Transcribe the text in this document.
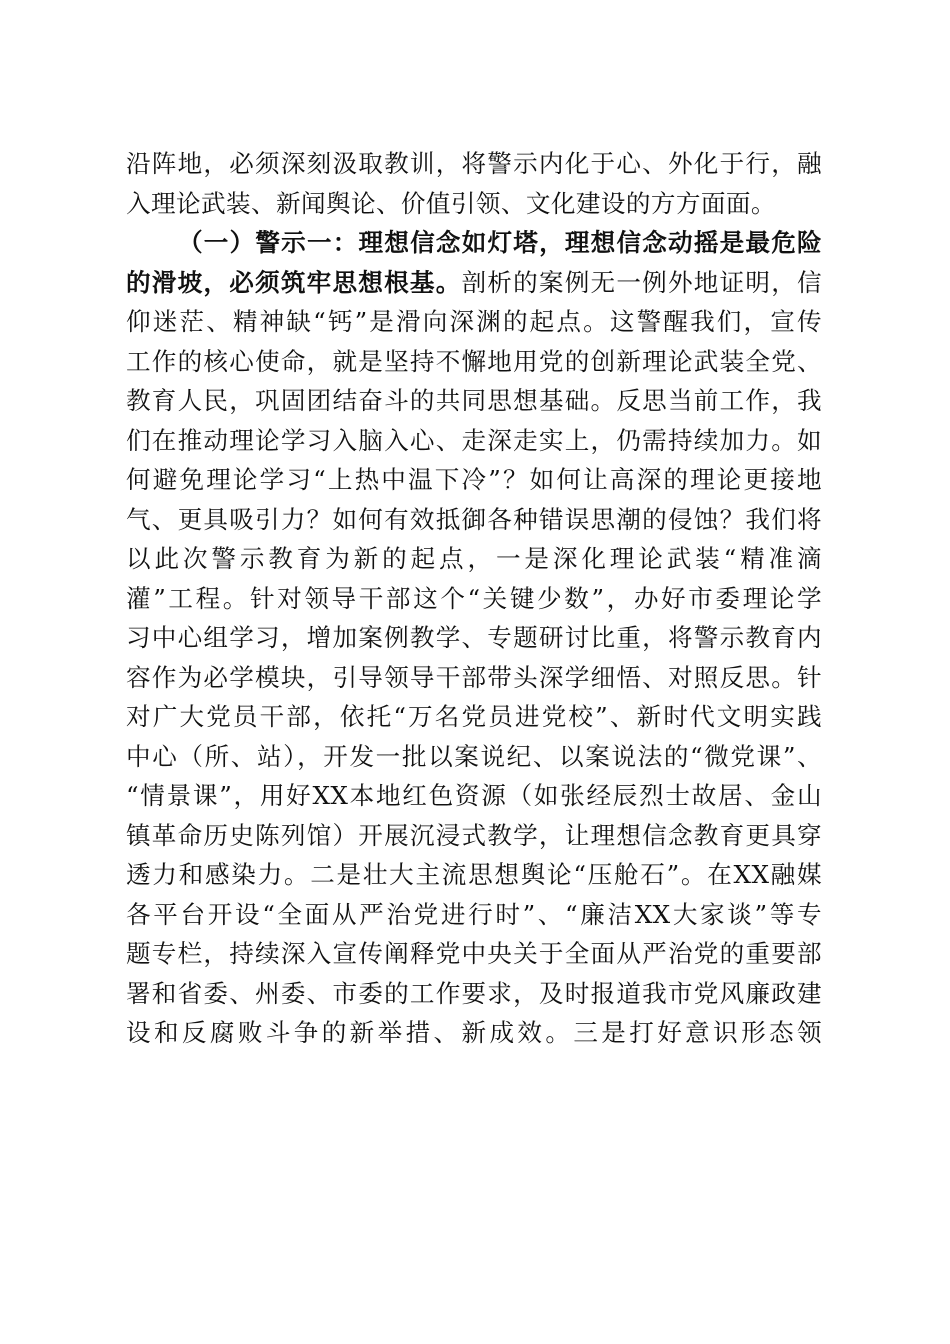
沿阵地，必须深刻汲取教训，将警示内化于心、外化于行，融
入理论武装、新闻舆论、价值引领、文化建设的方方面面。
（一）警示一：理想信念如灯塔，理想信念动摇是最危险
的滑坡，必须筑牢思想根基。剖析的案例无一例外地证明，信
仰迷茫、精神缺“钙”是滑向深渊的起点。这警醒我们，宣传
工作的核心使命，就是坚持不懈地用党的创新理论武装全党、
教育人民，巩固团结奋斗的共同思想基础。反思当前工作，我
们在推动理论学习入脑入心、走深走实上，仍需持续加力。如
何避免理论学习“上热中温下冷”？如何让高深的理论更接地
气、更具吸引力？如何有效抵御各种错误思潮的侵蚀？我们将
以此次警示教育为新的起点，一是深化理论武装“精准滴
灌”工程。针对领导干部这个“关键少数”，办好市委理论学
习中心组学习，增加案例教学、专题研讨比重，将警示教育内
容作为必学模块，引导领导干部带头深学细悟、对照反思。针
对广大党员干部，依托“万名党员进党校”、新时代文明实践
中心（所、站），开发一批以案说纪、以案说法的“微党课”、
“情景课”，用好XX本地红色资源（如张经辰烈士故居、金山
镇革命历史陈列馆）开展沉浸式教学，让理想信念教育更具穿
透力和感染力。二是壮大主流思想舆论“压舱石”。在XX融媒
各平台开设“全面从严治党进行时”、“廉洁XX大家谈”等专
题专栏，持续深入宣传阐释党中央关于全面从严治党的重要部
署和省委、州委、市委的工作要求，及时报道我市党风廉政建
设和反腐败斗争的新举措、新成效。三是打好意识形态领
